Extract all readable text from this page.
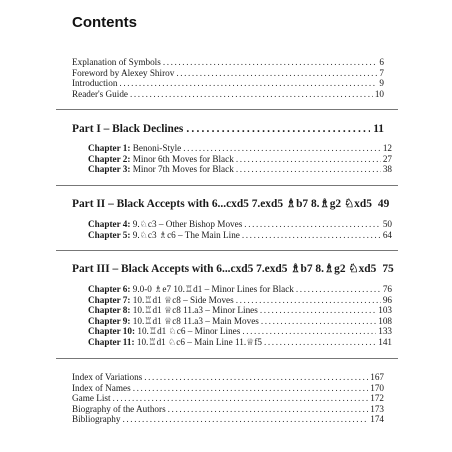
Contents
Explanation of Symbols .....	6
Foreword by Alexey Shirov .....	7
Introduction .....	9
Reader's Guide .....	10
Part I – Black Declines .....	11
Chapter 1: Benoni-Style .....	12
Chapter 2: Minor 6th Moves for Black .....	27
Chapter 3: Minor 7th Moves for Black .....	38
Part II – Black Accepts with 6...cxd5 7.exd5 ♗b7 8.♗g2 ♘xd5 49
Chapter 4: 9.♘c3 – Other Bishop Moves .....	50
Chapter 5: 9.♘c3 ♗c6 – The Main Line .....	64
Part III – Black Accepts with 6...cxd5 7.exd5 ♗b7 8.♗g2 ♘xd5 75
Chapter 6: 9.0-0 ♗e7 10.♖d1 – Minor Lines for Black .....	76
Chapter 7: 10.♖d1 ♕c8 – Side Moves .....	96
Chapter 8: 10.♖d1 ♕c8 11.a3 – Minor Lines .....	103
Chapter 9: 10.♖d1 ♕c8 11.a3 – Main Moves .....	108
Chapter 10: 10.♖d1 ♘c6 – Minor Lines .....	133
Chapter 11: 10.♖d1 ♘c6 – Main Line 11.♕f5 .....	141
Index of Variations .....	167
Index of Names .....	170
Game List .....	172
Biography of the Authors .....	173
Bibliography .....	174
